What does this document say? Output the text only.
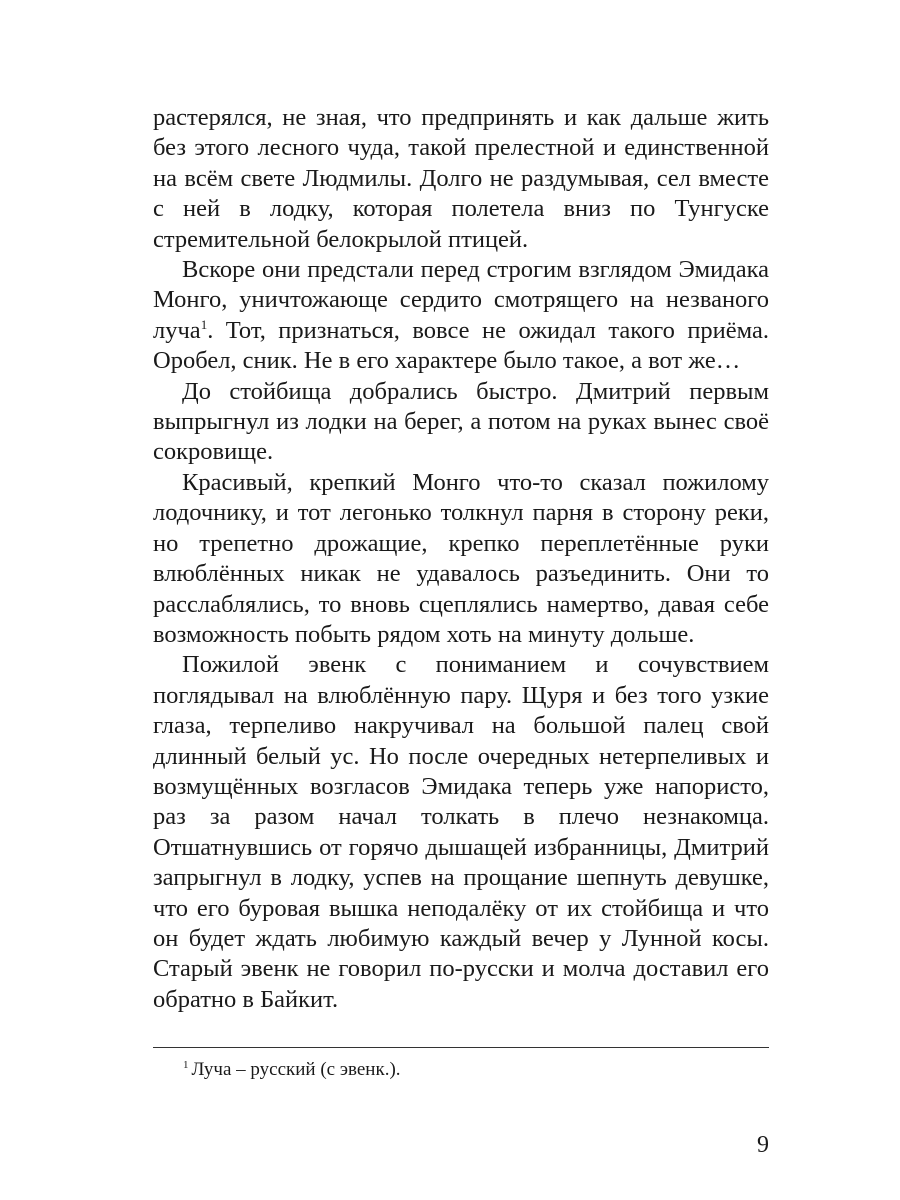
растерялся, не зная, что предпринять и как дальше жить без этого лесного чуда, такой прелестной и единственной на всём свете Людмилы. Долго не раздумывая, сел вместе с ней в лодку, которая полетела вниз по Тунгуске стремительной белокрылой птицей.

Вскоре они предстали перед строгим взглядом Эмидака Монго, уничтожающе сердито смотрящего на незваного луча$^1$. Тот, признаться, вовсе не ожидал такого приёма. Оробел, сник. Не в его характере было такое, а вот же…

До стойбища добрались быстро. Дмитрий первым выпрыгнул из лодки на берег, а потом на руках вынес своё сокровище.

Красивый, крепкий Монго что-то сказал пожилому лодочнику, и тот легонько толкнул парня в сторону реки, но трепетно дрожащие, крепко переплетённые руки влюблённых никак не удавалось разъединить. Они то расслаблялись, то вновь сцеплялись намертво, давая себе возможность побыть рядом хоть на минуту дольше.

Пожилой эвенк с пониманием и сочувствием поглядывал на влюблённую пару. Щуря и без того узкие глаза, терпеливо накручивал на большой палец свой длинный белый ус. Но после очередных нетерпеливых и возмущённых возгласов Эмидака теперь уже напористо, раз за разом начал толкать в плечо незнакомца. Отшатнувшись от горячо дышащей избранницы, Дмитрий запрыгнул в лодку, успев на прощание шепнуть девушке, что его буровая вышка неподалёку от их стойбища и что он будет ждать любимую каждый вечер у Лунной косы. Старый эвенк не говорил по-русски и молча доставил его обратно в Байкит.

$^1$ Луча – русский (с эвенк.).
9
